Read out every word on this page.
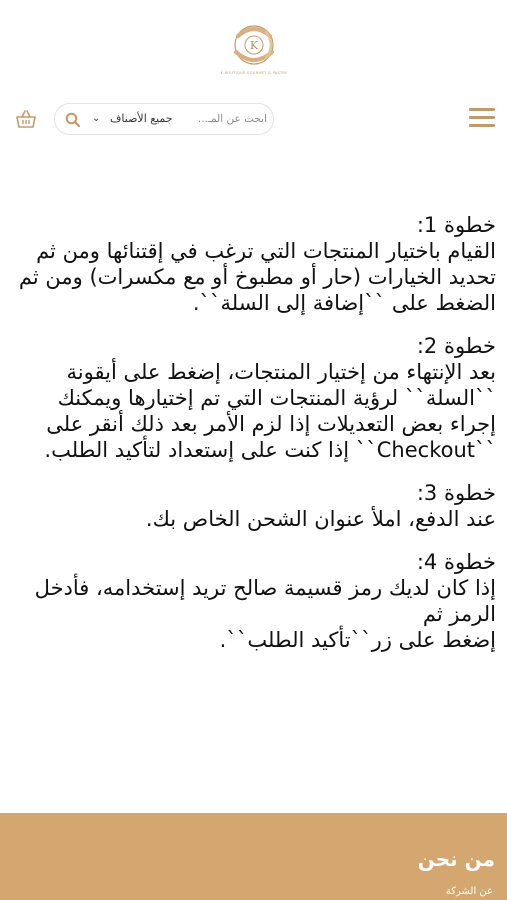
K
K BOUTIQUE GOURMET & PASTRY
⌄ جميع الأصناف
ابحث عن المـ...

خطوة 1:

القيام باختيار المنتجات التي ترغب في إقتنائها ومن ثم تحديد الخيارات (حار أو مطبوخ أو مع مكسرات) ومن ثم الضغط على ``إضافة إلى السلة``.

خطوة 2:

بعد الإنتهاء من إختيار المنتجات، إضغط على أيقونة ``السلة`` لرؤية المنتجات التي تم إختيارها ويمكنك إجراء بعض التعديلات إذا لزم الأمر بعد ذلك أنقر على ``Checkout`` إذا كنت على إستعداد لتأكيد الطلب.

خطوة 3:

عند الدفع، املأ عنوان الشحن الخاص بك.

خطوة 4:

إذا كان لديك رمز قسيمة صالح تريد إستخدامه، فأدخل الرمز ثم

إضغط على زر``تأكيد الطلب``.

من نحن
عن الشركة
